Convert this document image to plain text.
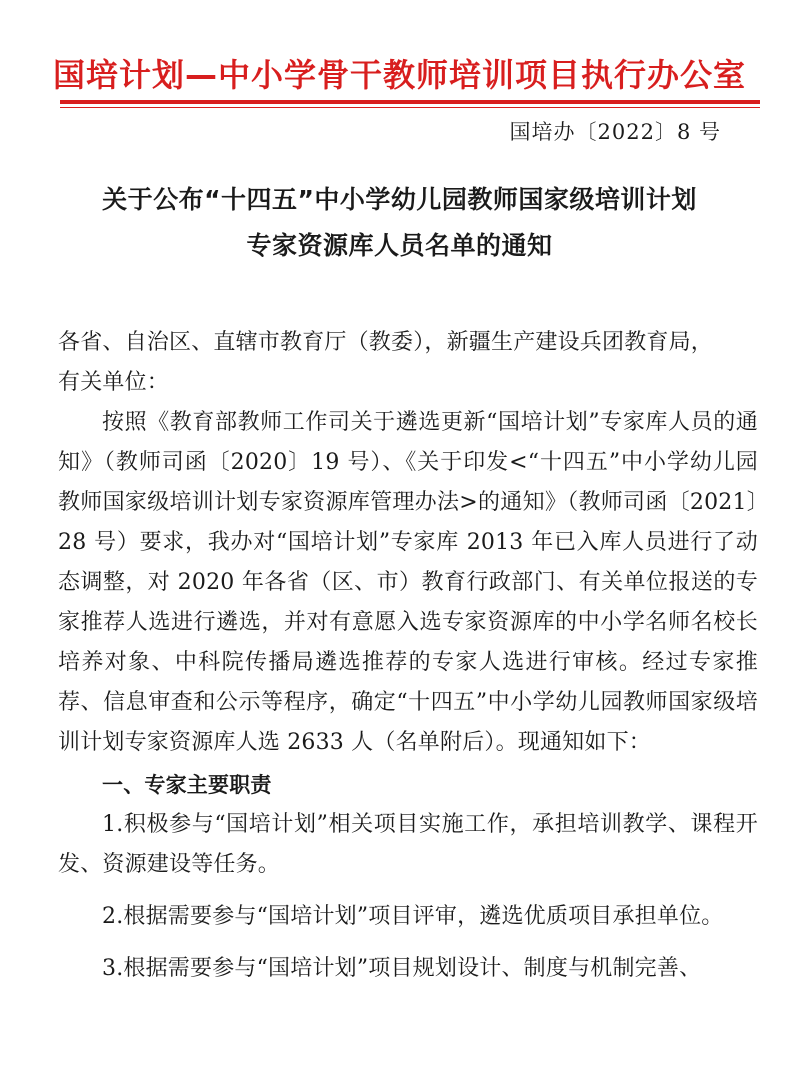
国培计划—中小学骨干教师培训项目执行办公室
国培办〔2022〕8 号
关于公布“十四五”中小学幼儿园教师国家级培训计划
专家资源库人员名单的通知

各省、自治区、直辖市教育厅（教委），新疆生产建设兵团教育局，

有关单位：

按照《教育部教师工作司关于遴选更新“国培计划”专家库人员的通知》（教师司函〔2020〕19 号）、《关于印发<“十四五”中小学幼儿园教师国家级培训计划专家资源库管理办法>的通知》（教师司函〔2021〕28 号）要求，我办对“国培计划”专家库 2013 年已入库人员进行了动态调整，对 2020 年各省（区、市）教育行政部门、有关单位报送的专家推荐人选进行遴选，并对有意愿入选专家资源库的中小学名师名校长培养对象、中科院传播局遴选推荐的专家人选进行审核。经过专家推荐、信息审查和公示等程序，确定“十四五”中小学幼儿园教师国家级培训计划专家资源库人选 2633 人（名单附后）。现通知如下：

一、专家主要职责

1.积极参与“国培计划”相关项目实施工作，承担培训教学、课程开发、资源建设等任务。

2.根据需要参与“国培计划”项目评审，遴选优质项目承担单位。

3.根据需要参与“国培计划”项目规划设计、制度与机制完善、
